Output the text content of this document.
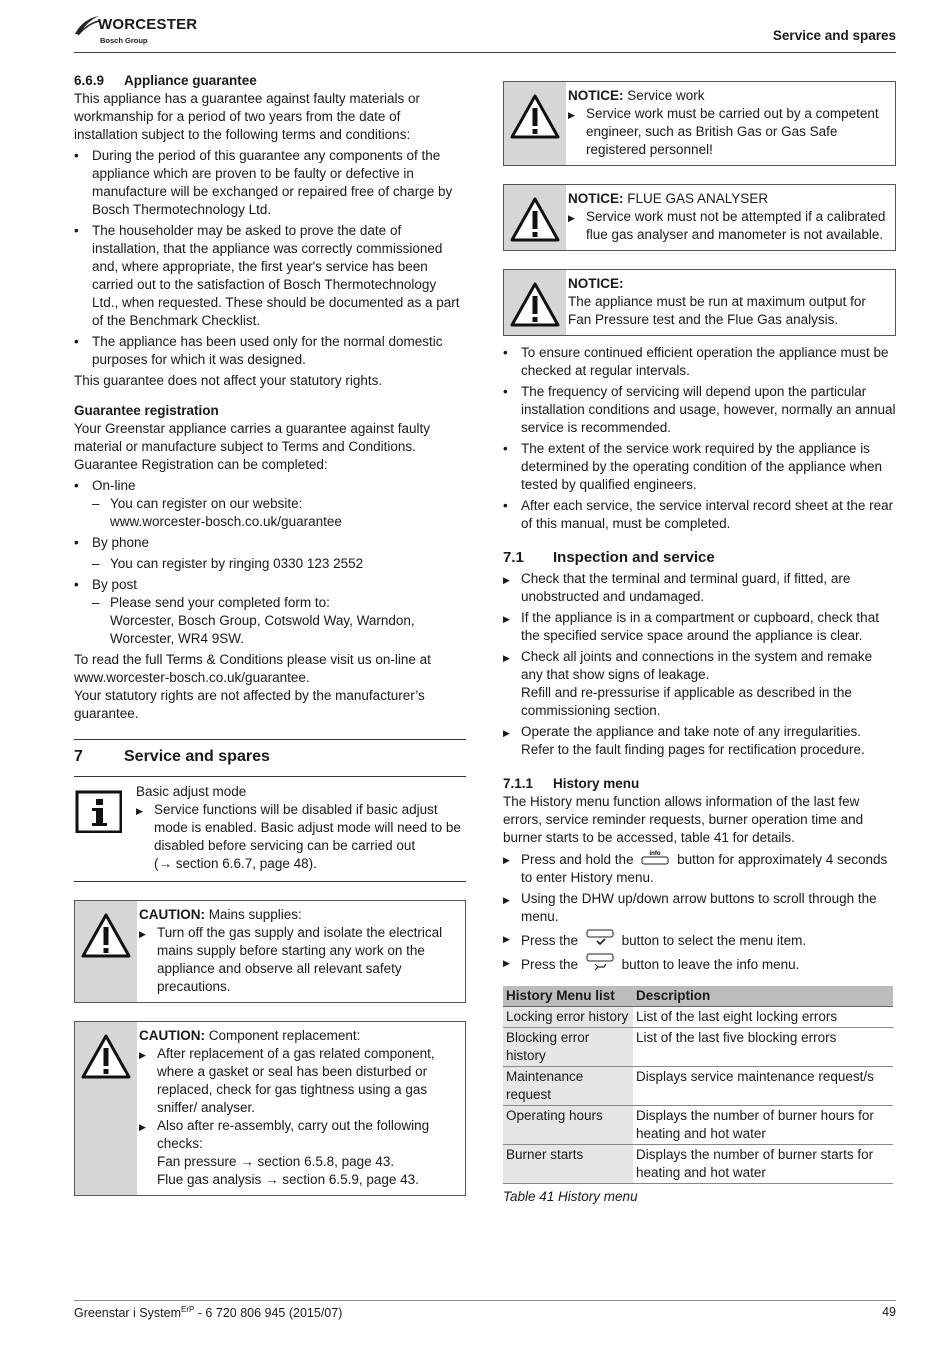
WORCESTER
Bosch Group	Service and spares

6.6.9 Appliance guarantee

This appliance has a guarantee against faulty materials or workmanship for a period of two years from the date of installation subject to the following terms and conditions:

• During the period of this guarantee any components of the appliance which are proven to be faulty or defective in manufacture will be exchanged or repaired free of charge by Bosch Thermotechnology Ltd.

• The householder may be asked to prove the date of installation, that the appliance was correctly commissioned and, where appropriate, the first year's service has been carried out to the satisfaction of Bosch Thermotechnology Ltd., when requested. These should be documented as a part of the Benchmark Checklist.

• The appliance has been used only for the normal domestic purposes for which it was designed.

This guarantee does not affect your statutory rights.

Guarantee registration

Your Greenstar appliance carries a guarantee against faulty material or manufacture subject to Terms and Conditions.

Guarantee Registration can be completed:

• On-line

– You can register on our website:

www.worcester-bosch.co.uk/guarantee

• By phone

– You can register by ringing 0330 123 2552

• By post

– Please send your completed form to:

Worcester, Bosch Group, Cotswold Way, Warndon, Worcester, WR4 9SW.

To read the full Terms & Conditions please visit us on-line at www.worcester-bosch.co.uk/guarantee.

Your statutory rights are not affected by the manufacturer’s guarantee.

7	Service and spares

Basic adjust mode

▶ Service functions will be disabled if basic adjust mode is enabled. Basic adjust mode will need to be disabled before servicing can be carried out

(→ section 6.6.7, page 48).

CAUTION: Mains supplies:

▶ Turn off the gas supply and isolate the electrical mains supply before starting any work on the appliance and observe all relevant safety precautions.

CAUTION: Component replacement:

▶ After replacement of a gas related component, where a gasket or seal has been disturbed or replaced, check for gas tightness using a gas sniffer/ analyser.

▶ Also after re-assembly, carry out the following checks:

Fan pressure → section 6.5.8, page 43.

Flue gas analysis → section 6.5.9, page 43.

NOTICE: Service work

▶ Service work must be carried out by a competent engineer, such as British Gas or Gas Safe registered personnel!

NOTICE: FLUE GAS ANALYSER

▶ Service work must not be attempted if a calibrated flue gas analyser and manometer is not available.

NOTICE:

The appliance must be run at maximum output for Fan Pressure test and the Flue Gas analysis.

• To ensure continued efficient operation the appliance must be checked at regular intervals.

• The frequency of servicing will depend upon the particular installation conditions and usage, however, normally an annual service is recommended.

• The extent of the service work required by the appliance is determined by the operating condition of the appliance when tested by qualified engineers.

• After each service, the service interval record sheet at the rear of this manual, must be completed.

7.1 Inspection and service

▶ Check that the terminal and terminal guard, if fitted, are unobstructed and undamaged.

▶ If the appliance is in a compartment or cupboard, check that the specified service space around the appliance is clear.

▶ Check all joints and connections in the system and remake any that show signs of leakage.

Refill and re-pressurise if applicable as described in the commissioning section.

▶ Operate the appliance and take note of any irregularities.

Refer to the fault finding pages for rectification procedure.

7.1.1 History menu

The History menu function allows information of the last few errors, service reminder requests, burner operation time and burner starts to be accessed, table 41 for details.

▶ Press and hold the	info button for approximately 4 seconds to enter History menu.

▶ Using the DHW up/down arrow buttons to scroll through the menu.

▶ Press the	button to select the menu item.

▶ Press the	button to leave the info menu.

History Menu list	Description
Locking error history	List of the last eight locking errors
Blocking error history	List of the last five blocking errors
Maintenance request	Displays service maintenance request/s
Operating hours	Displays the number of burner hours for heating and hot water
Burner starts	Displays the number of burner starts for heating and hot water

Table 41 History menu

Greenstar i System$^{ErP}$ - 6 720 806 945 (2015/07)	49
